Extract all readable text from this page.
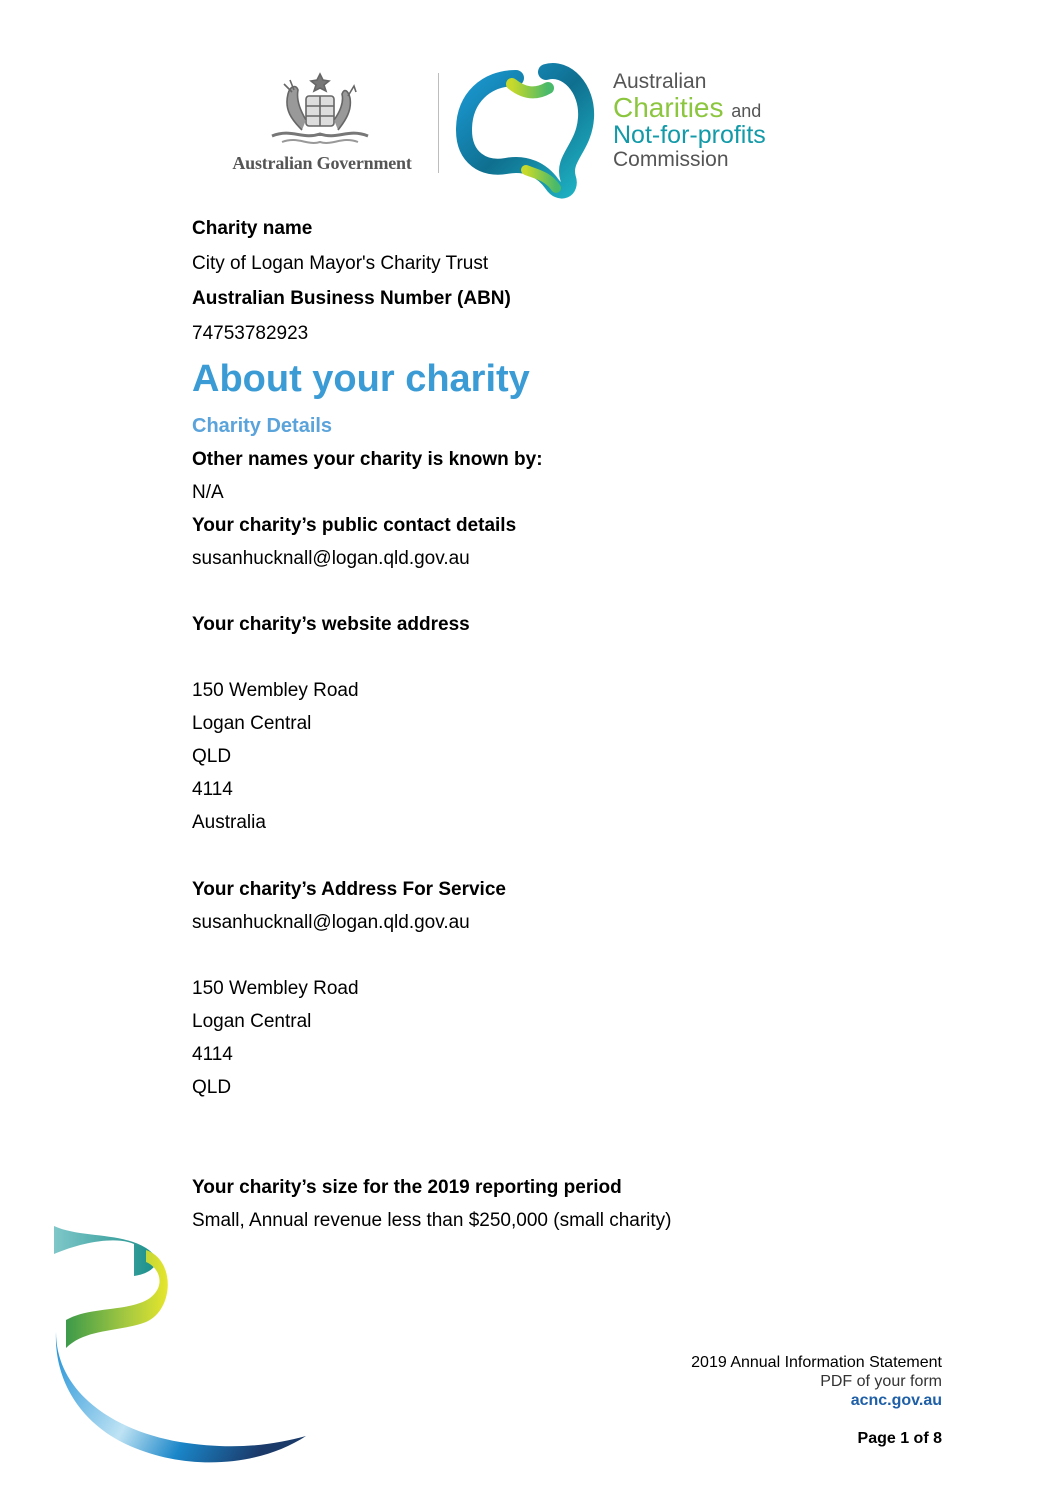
Australian Government
Australian
Charities and
Not-for-profits
Commission
Charity name
City of Logan Mayor's Charity Trust
Australian Business Number (ABN)
74753782923
About your charity
Charity Details
Other names your charity is known by:
N/A
Your charity’s public contact details
susanhucknall@logan.qld.gov.au
Your charity’s website address
150 Wembley Road
Logan Central
QLD
4114
Australia
Your charity’s Address For Service
susanhucknall@logan.qld.gov.au
150 Wembley Road
Logan Central
4114
QLD
Your charity’s size for the 2019 reporting period
Small, Annual revenue less than $250,000 (small charity)
2019 Annual Information Statement
PDF of your form
acnc.gov.au
Page 1 of 8
